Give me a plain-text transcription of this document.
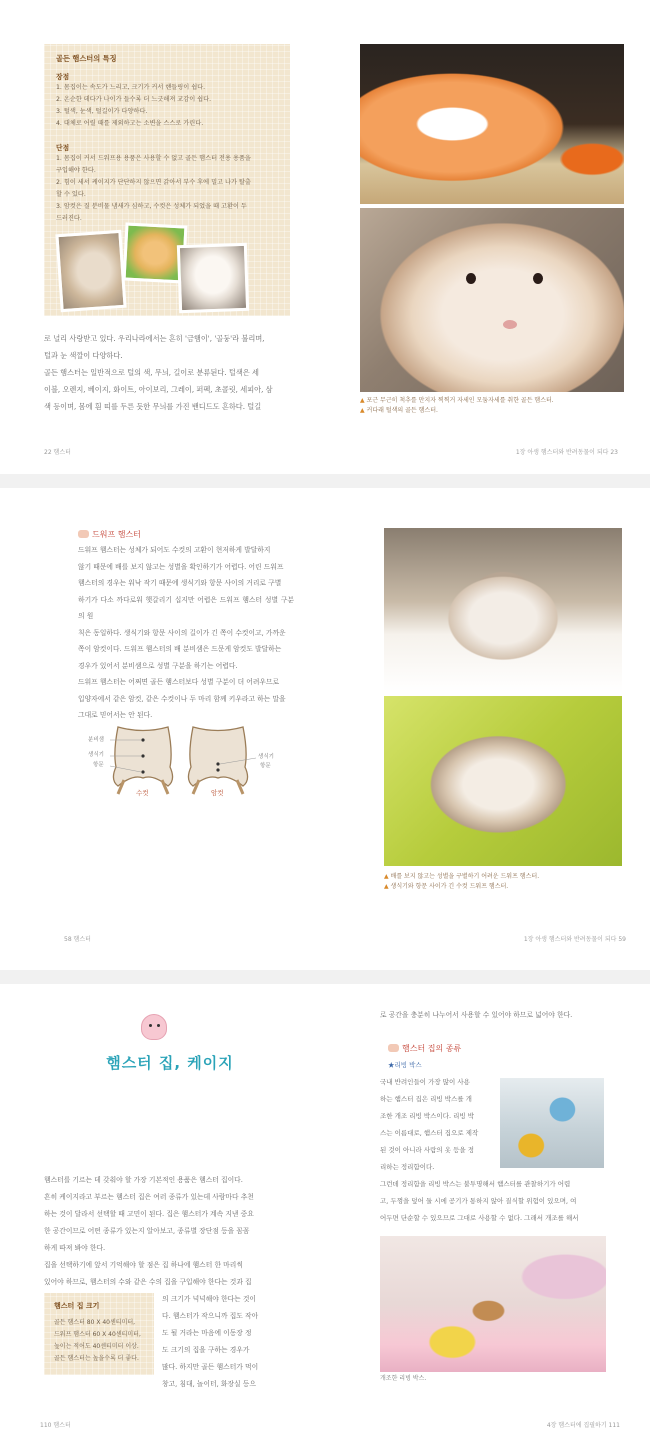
골든 햄스터의 특징
장점
1. 몸집이는 속도가 느리고, 크기가 커서 핸들링이 쉽다.
2. 온순한 데다가 나이가 들수록 더 느긋해져 교감이 쉽다.
3. 털색, 눈색, 털길이가 다양하다.
4. 대체로 어릴 때를 제외하고는 소변을 스스로 가린다.
단점
1. 몸집이 커서 드워프용 용품은 사용할 수 없고 골든 햄스터 전용 용품을
구입해야 한다.
2. 힘이 세서 케이지가 단단하지 않으면 갉아서 부수 후에 밀고 나가 탈출
할 수 있다.
3. 암컷은 질 분비물 냄새가 심하고, 수컷은 성체가 되었을 때 고환이 두
드러진다.

로 널리 사랑받고 있다. 우리나라에서는 흔히 '금햄이', '골둥'라 불리며,

털과 눈 색깔이 다양하다.

골든 햄스터는 일반적으로 털의 색, 무늬, 길이로 분류된다. 털색은 세

이블, 오렌지, 베이지, 화이트, 아이보리, 그레이, 퍼펙, 초콜릿, 세피아, 삼

색 등이며, 몸에 흰 띠를 두른 듯한 무늬를 가진 밴디드도 흔하다. 털길

▲ 포근 무근히 척추를 만지자 찍찍거 자세인 모둠자세를 취한 골든 햄스터.
▲ 커다래 털색의 골든 햄스터.
22 햄스터	1장 아생 햄스터와 반려동물이 되다 23
드워프 햄스터

드워프 햄스터는 성체가 되어도 수컷의 고환이 현저하게 발달하지

않기 때문에 배를 보지 않고는 성별을 확인하기가 어렵다. 어린 드워프

햄스터의 경우는 워낙 작기 때문에 생식기와 항문 사이의 거리로 구별

하기가 다소 까다로워 햇갈리기 십지만 어렵은 드워프 햄스터 성별 구분의 원

칙은 동일하다. 생식기와 항문 사이의 길이가 긴 쪽이 수컷이고, 가까운

쪽이 암컷이다. 드워프 햄스터의 배 분비샘은 드문게 암컷도 발달하는

경우가 있어서 분비샘으로 성별 구분을 하기는 어렵다.

드워프 햄스터는 어쩌면 골든 햄스터보다 성별 구분이 더 어려우므로

입양자에서 같은 암컷, 같은 수컷이나 두 마리 함께 키우라고 하는 말을

그대로 믿어서는 안 된다.

분비샘
생식기
항문
생식기
항문
수컷	암컷
▲ 배를 보지 않고는 성별을 구별하기 어려운 드워프 햄스터.
▲ 생식기와 항문 사이가 긴 수컷 드워프 햄스터.
58 햄스터	1장 아생 햄스터와 반려동물이 되다 59
햄스터 집, 케이지

햄스터를 기르는 데 갖춰야 할 가장 기본적인 용품은 햄스터 집이다.

흔히 케이지라고 부르는 햄스터 집은 여러 종류가 있는데 사람마다 추천

하는 것이 달라서 선택할 때 고민이 된다. 집은 햄스터가 계속 지낸 중요

한 공간이므로 어떤 종류가 있는지 알아보고, 종류별 장단점 등을 꼼꼼

하게 따져 봐야 한다.

집을 선택하기에 앞서 기억해야 할 점은 집 하나에 햄스터 한 마리씩

있어야 하므로, 햄스터의 수와 같은 수의 집을 구입해야 한다는 것과 집

의 크기가 넉넉해야 한다는 것이

다. 햄스터가 작으니까 집도 작아

도 될 거라는 마음에 이동장 정

도 크기의 집을 구하는 경우가

많다. 하지만 골든 햄스터가 먹이

창고, 침대, 놀이터, 화장실 등으

햄스터 집 크기
골든 햄스터 80 X 40센티미터,
드워프 햄스터 60 X 40센티미터,
높이는 적어도 40센티미터 이상.
골든 햄스터는 높을수록 더 좋다.
로 공간을 충분히 나누어서 사용할 수 있어야 하므로 넓어야 한다.
햄스터 집의 종류
★리빙 박스

국내 반려인들이 가장 많이 사용

하는 햄스터 집은 리빙 박스를 개

조한 개조 리빙 박스이다. 리빙 박

스는 이름대로, 햄스터 집으로 제작

된 것이 아니라 사람의 옷 등을 정

리하는 정리함이다.

그런데 정리함을 리빙 박스는 불투명해서 햄스터를 관찰하기가 어렵

고, 두껑을 덮어 둘 시에 공기가 통하지 않아 질식할 위험이 있으며, 여

어두면 단순할 수 있으므로 그대로 사용할 수 없다. 그래서 개조를 해서

개조한 리빙 박스.
110 햄스터	4장 햄스터에 집필하기 111
